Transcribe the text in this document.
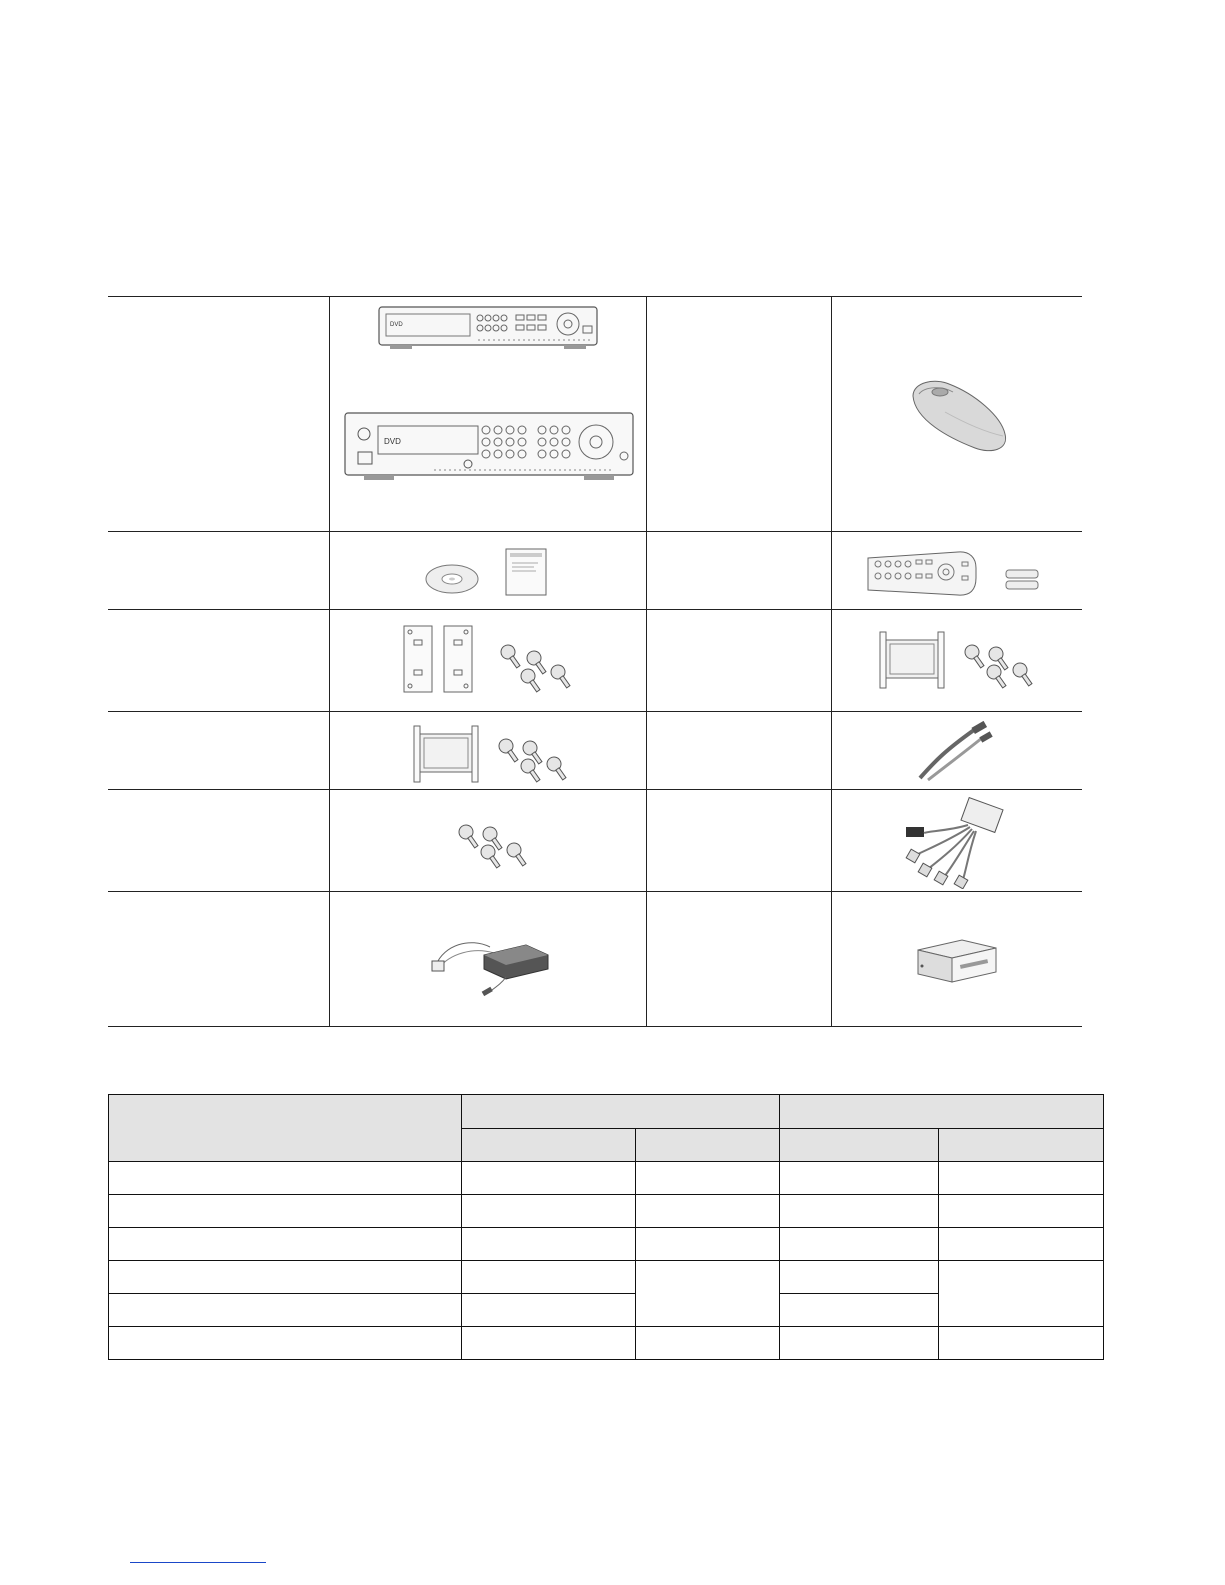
DVD
DVD
